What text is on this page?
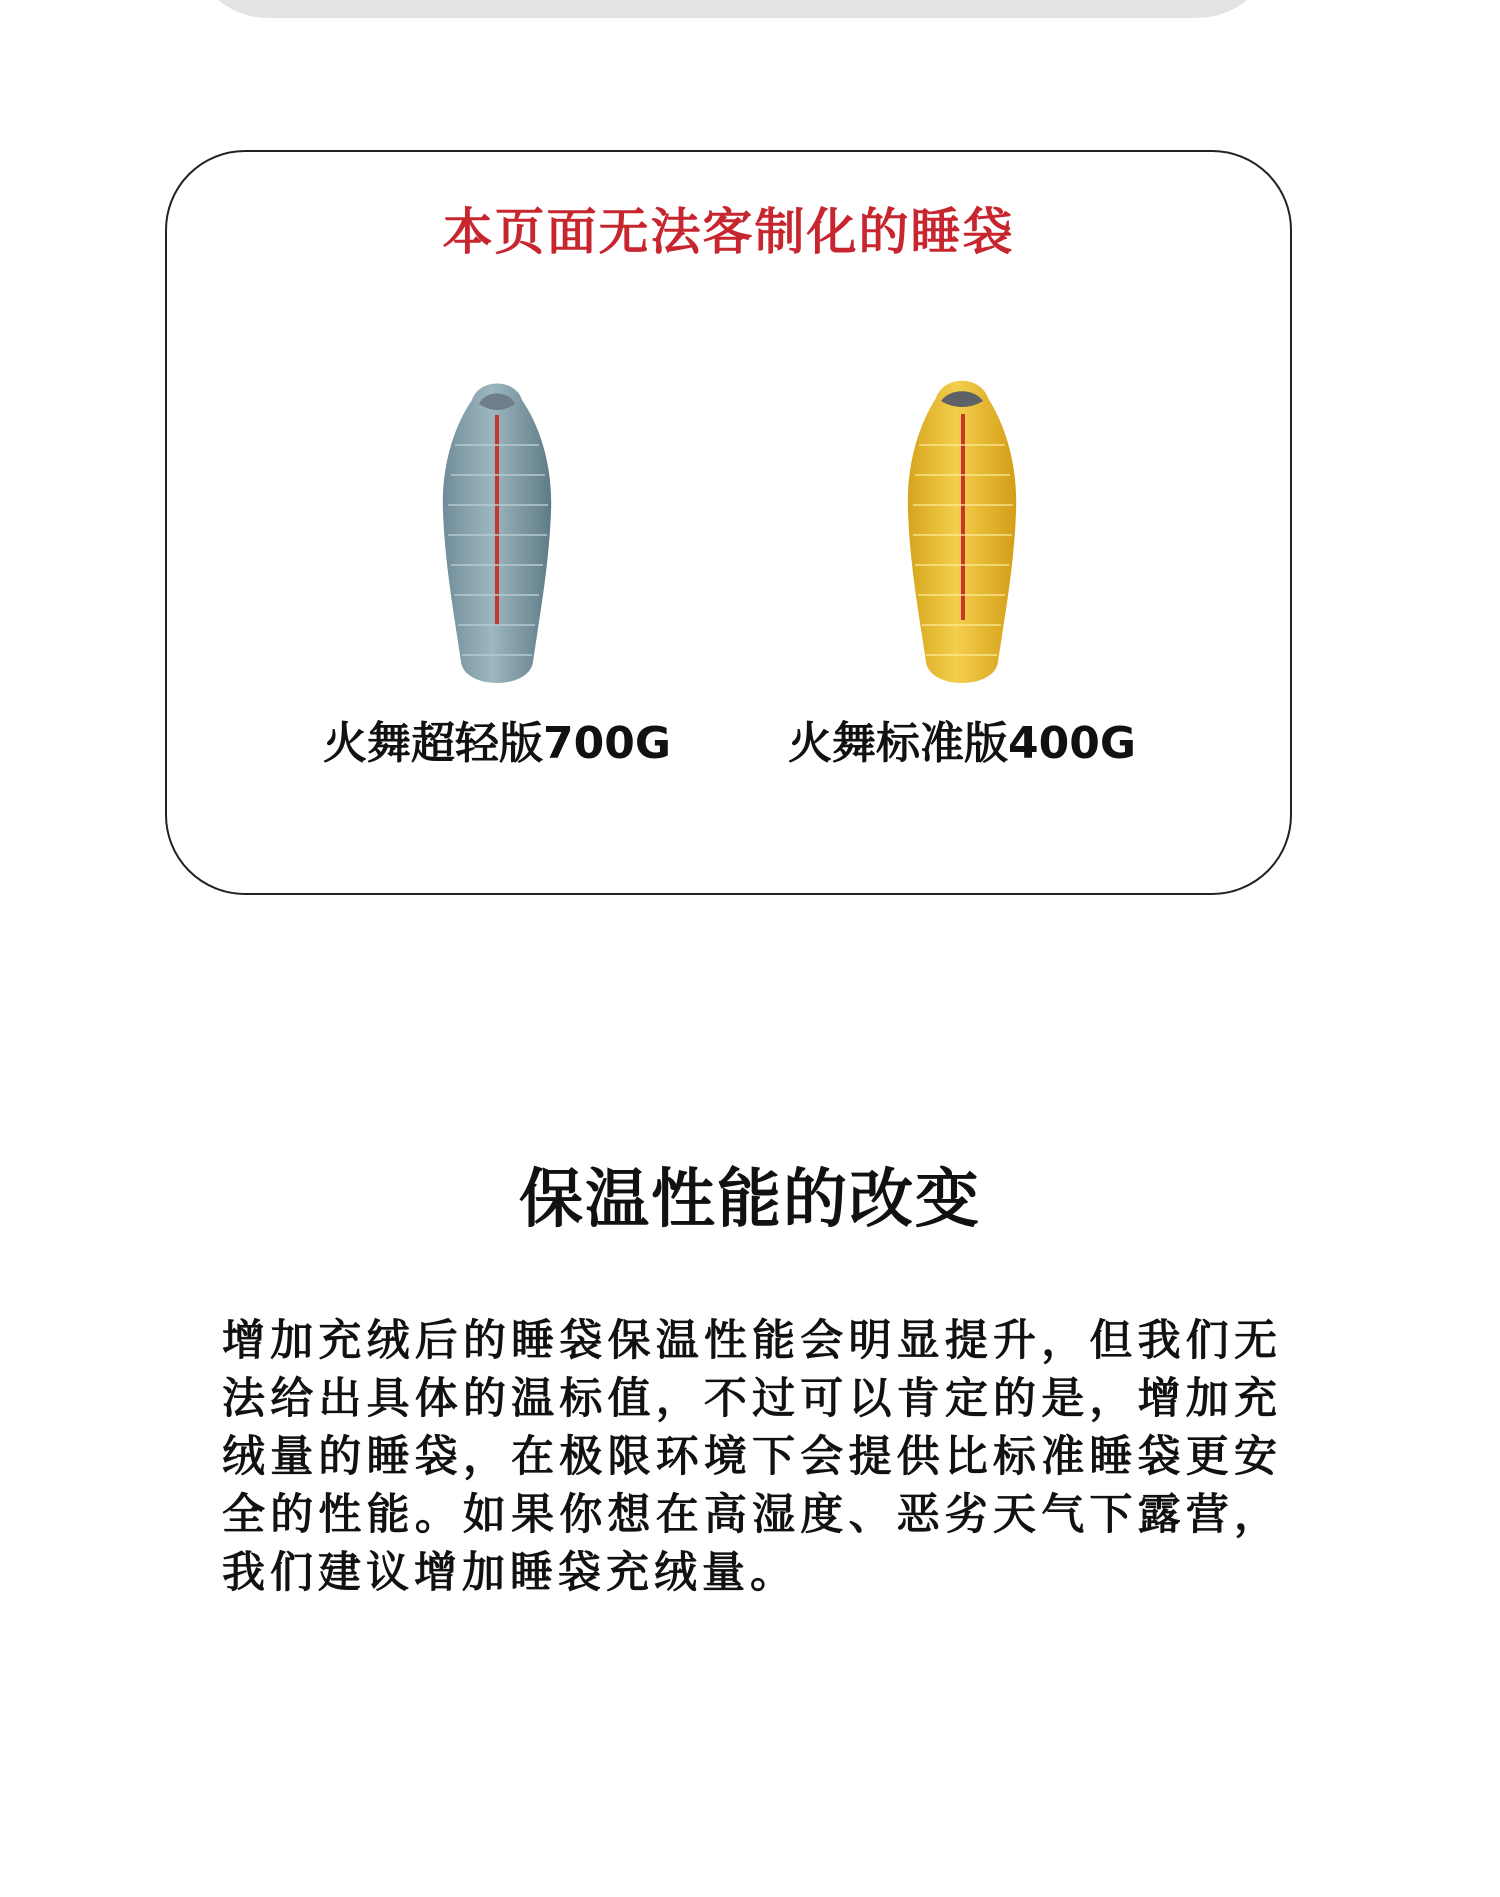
本页面无法客制化的睡袋
火舞超轻版700G	火舞标准版400G
保温性能的改变
增加充绒后的睡袋保温性能会明显提升，但我们无法给出具体的温标值，不过可以肯定的是，增加充绒量的睡袋，在极限环境下会提供比标准睡袋更安全的性能。如果你想在高湿度、恶劣天气下露营，我们建议增加睡袋充绒量。
